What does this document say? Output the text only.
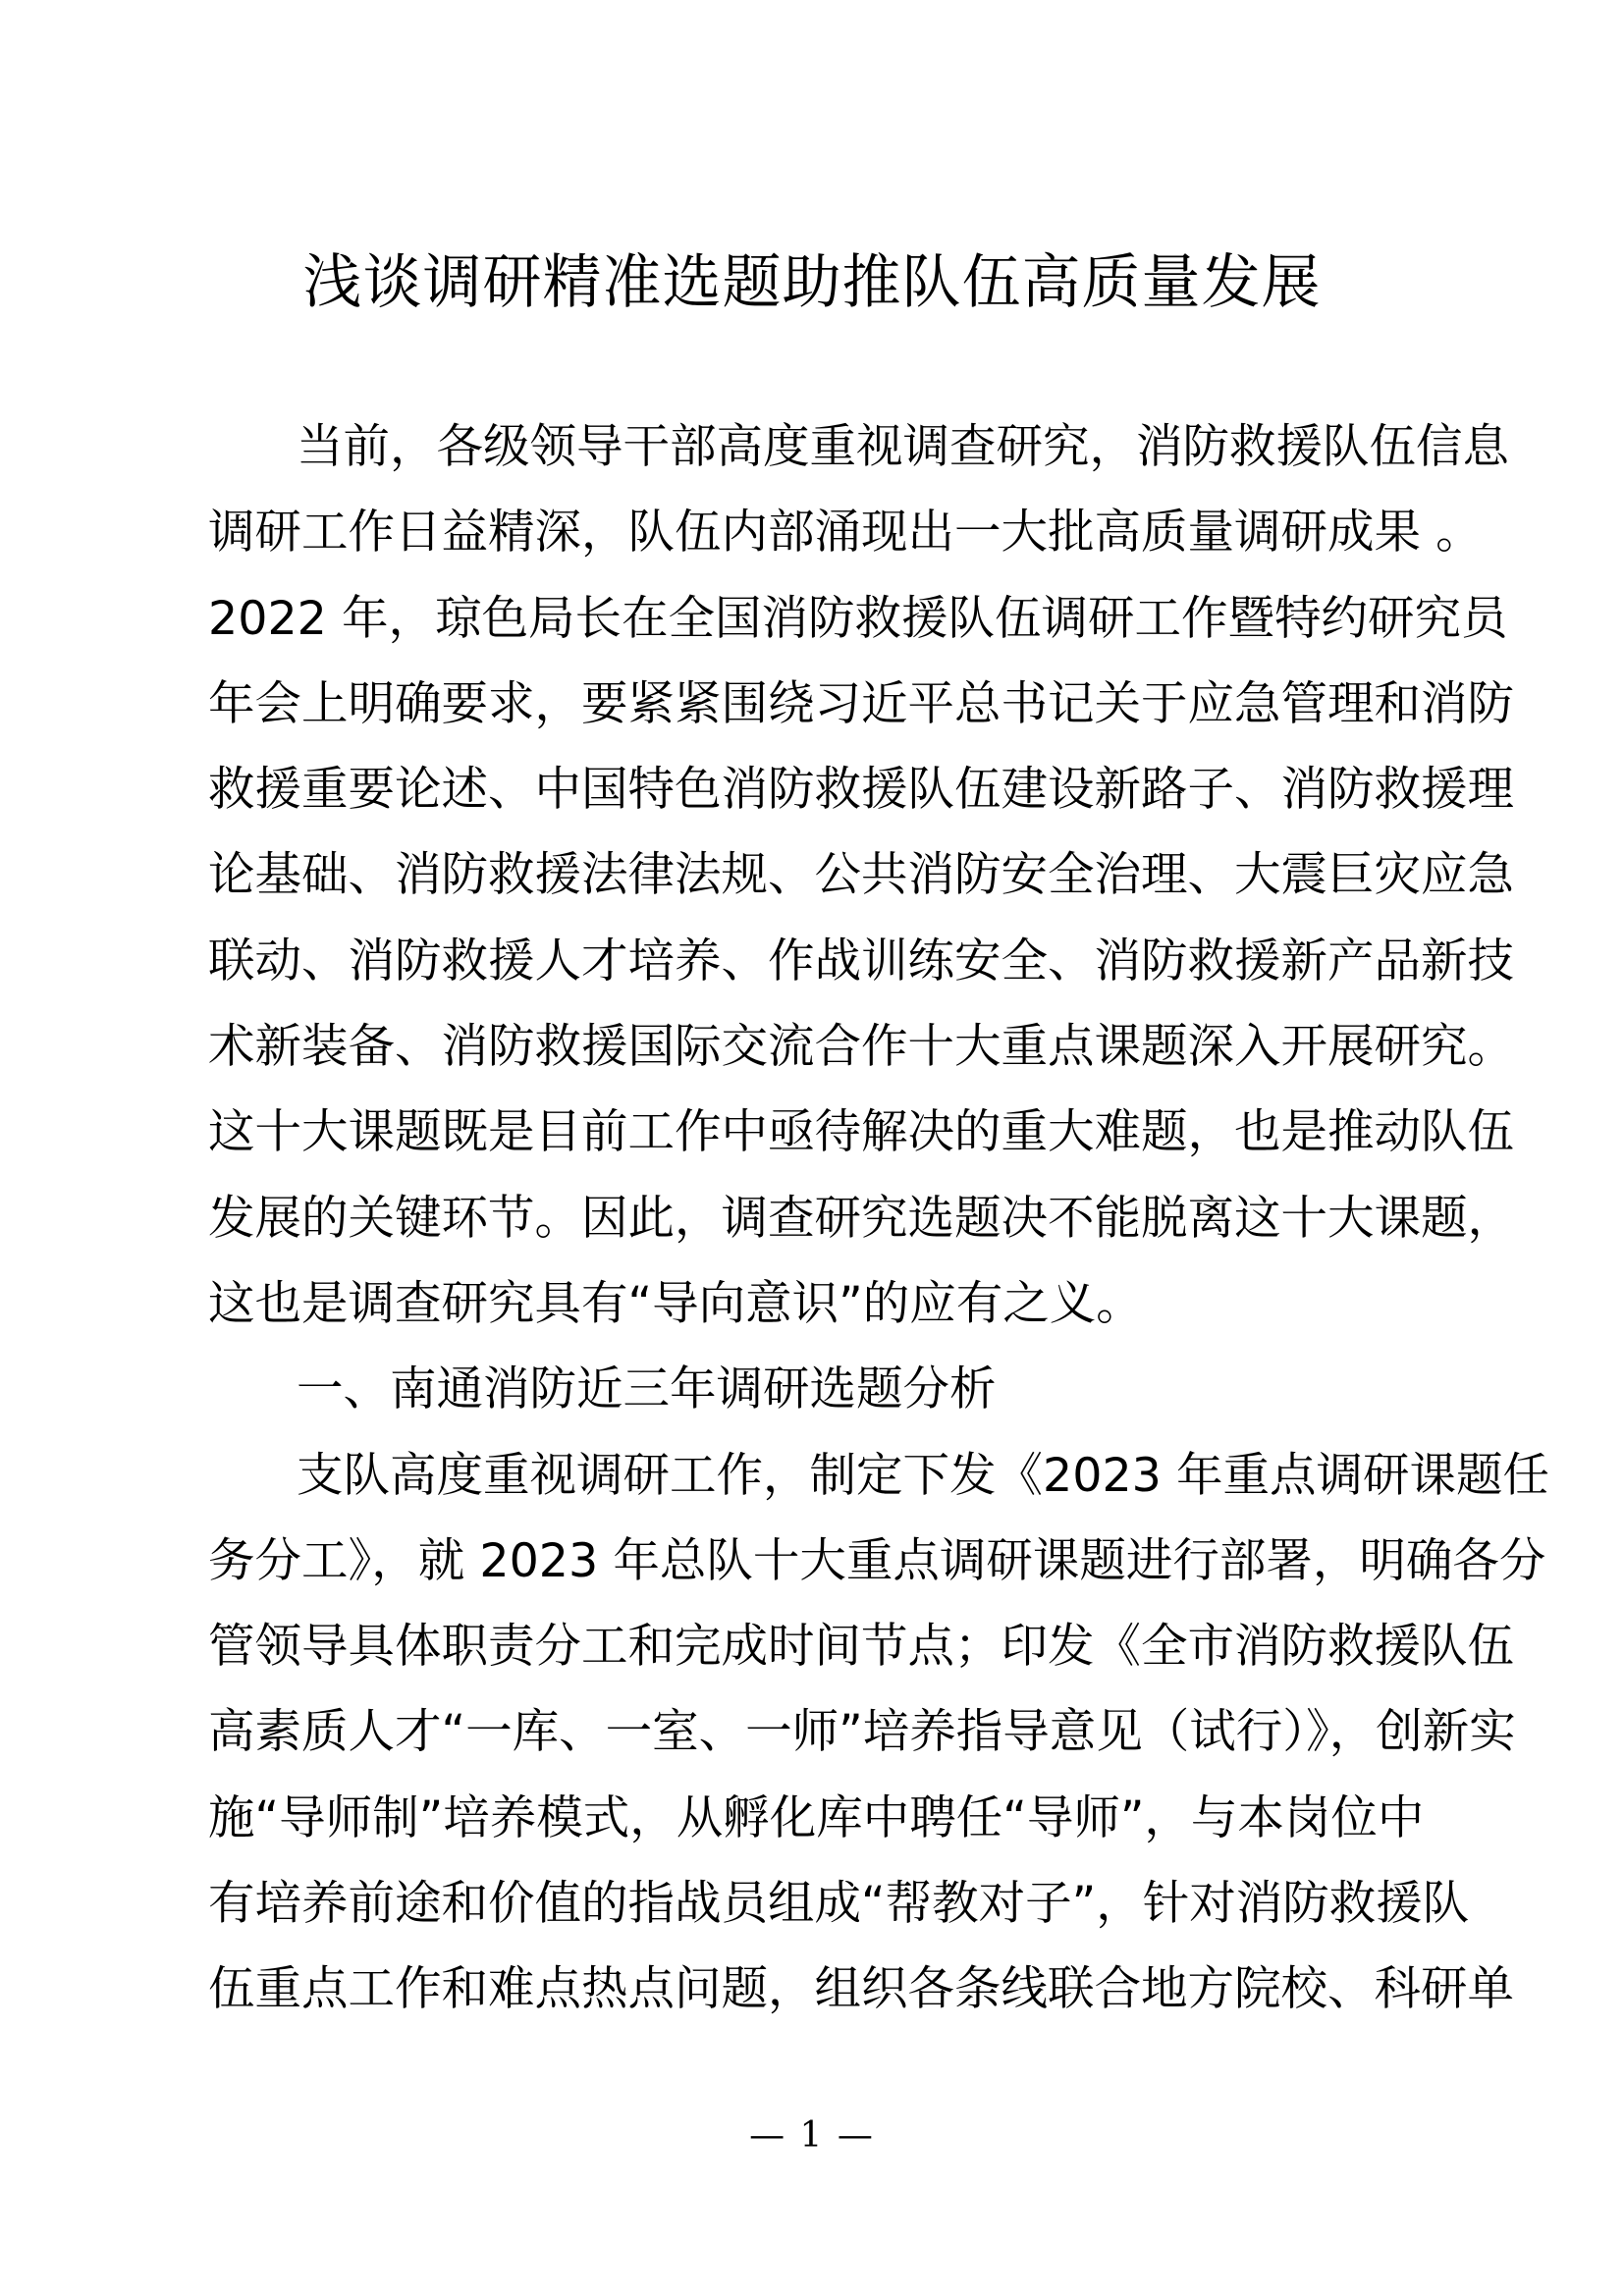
浅谈调研精准选题助推队伍高质量发展
当前，各级领导干部高度重视调查研究，消防救援队伍信息
调研工作日益精深，队伍内部涌现出一大批高质量调研成果 。
2022 年，琼色局长在全国消防救援队伍调研工作暨特约研究员
年会上明确要求，要紧紧围绕习近平总书记关于应急管理和消防
救援重要论述、中国特色消防救援队伍建设新路子、消防救援理
论基础、消防救援法律法规、公共消防安全治理、大震巨灾应急
联动、消防救援人才培养、作战训练安全、消防救援新产品新技
术新装备、消防救援国际交流合作十大重点课题深入开展研究。
这十大课题既是目前工作中亟待解决的重大难题，也是推动队伍
发展的关键环节。因此，调查研究选题决不能脱离这十大课题，
这也是调查研究具有“导向意识”的应有之义。
一、南通消防近三年调研选题分析
支队高度重视调研工作，制定下发《2023 年重点调研课题任
务分工》，就 2023 年总队十大重点调研课题进行部署，明确各分
管领导具体职责分工和完成时间节点；印发《全市消防救援队伍
高素质人才“一库、一室、一师”培养指导意见（试行）》，创新实
施“导师制”培养模式，从孵化库中聘任“导师”，与本岗位中
有培养前途和价值的指战员组成“帮教对子”，针对消防救援队
伍重点工作和难点热点问题，组织各条线联合地方院校、科研单
— 1 —
